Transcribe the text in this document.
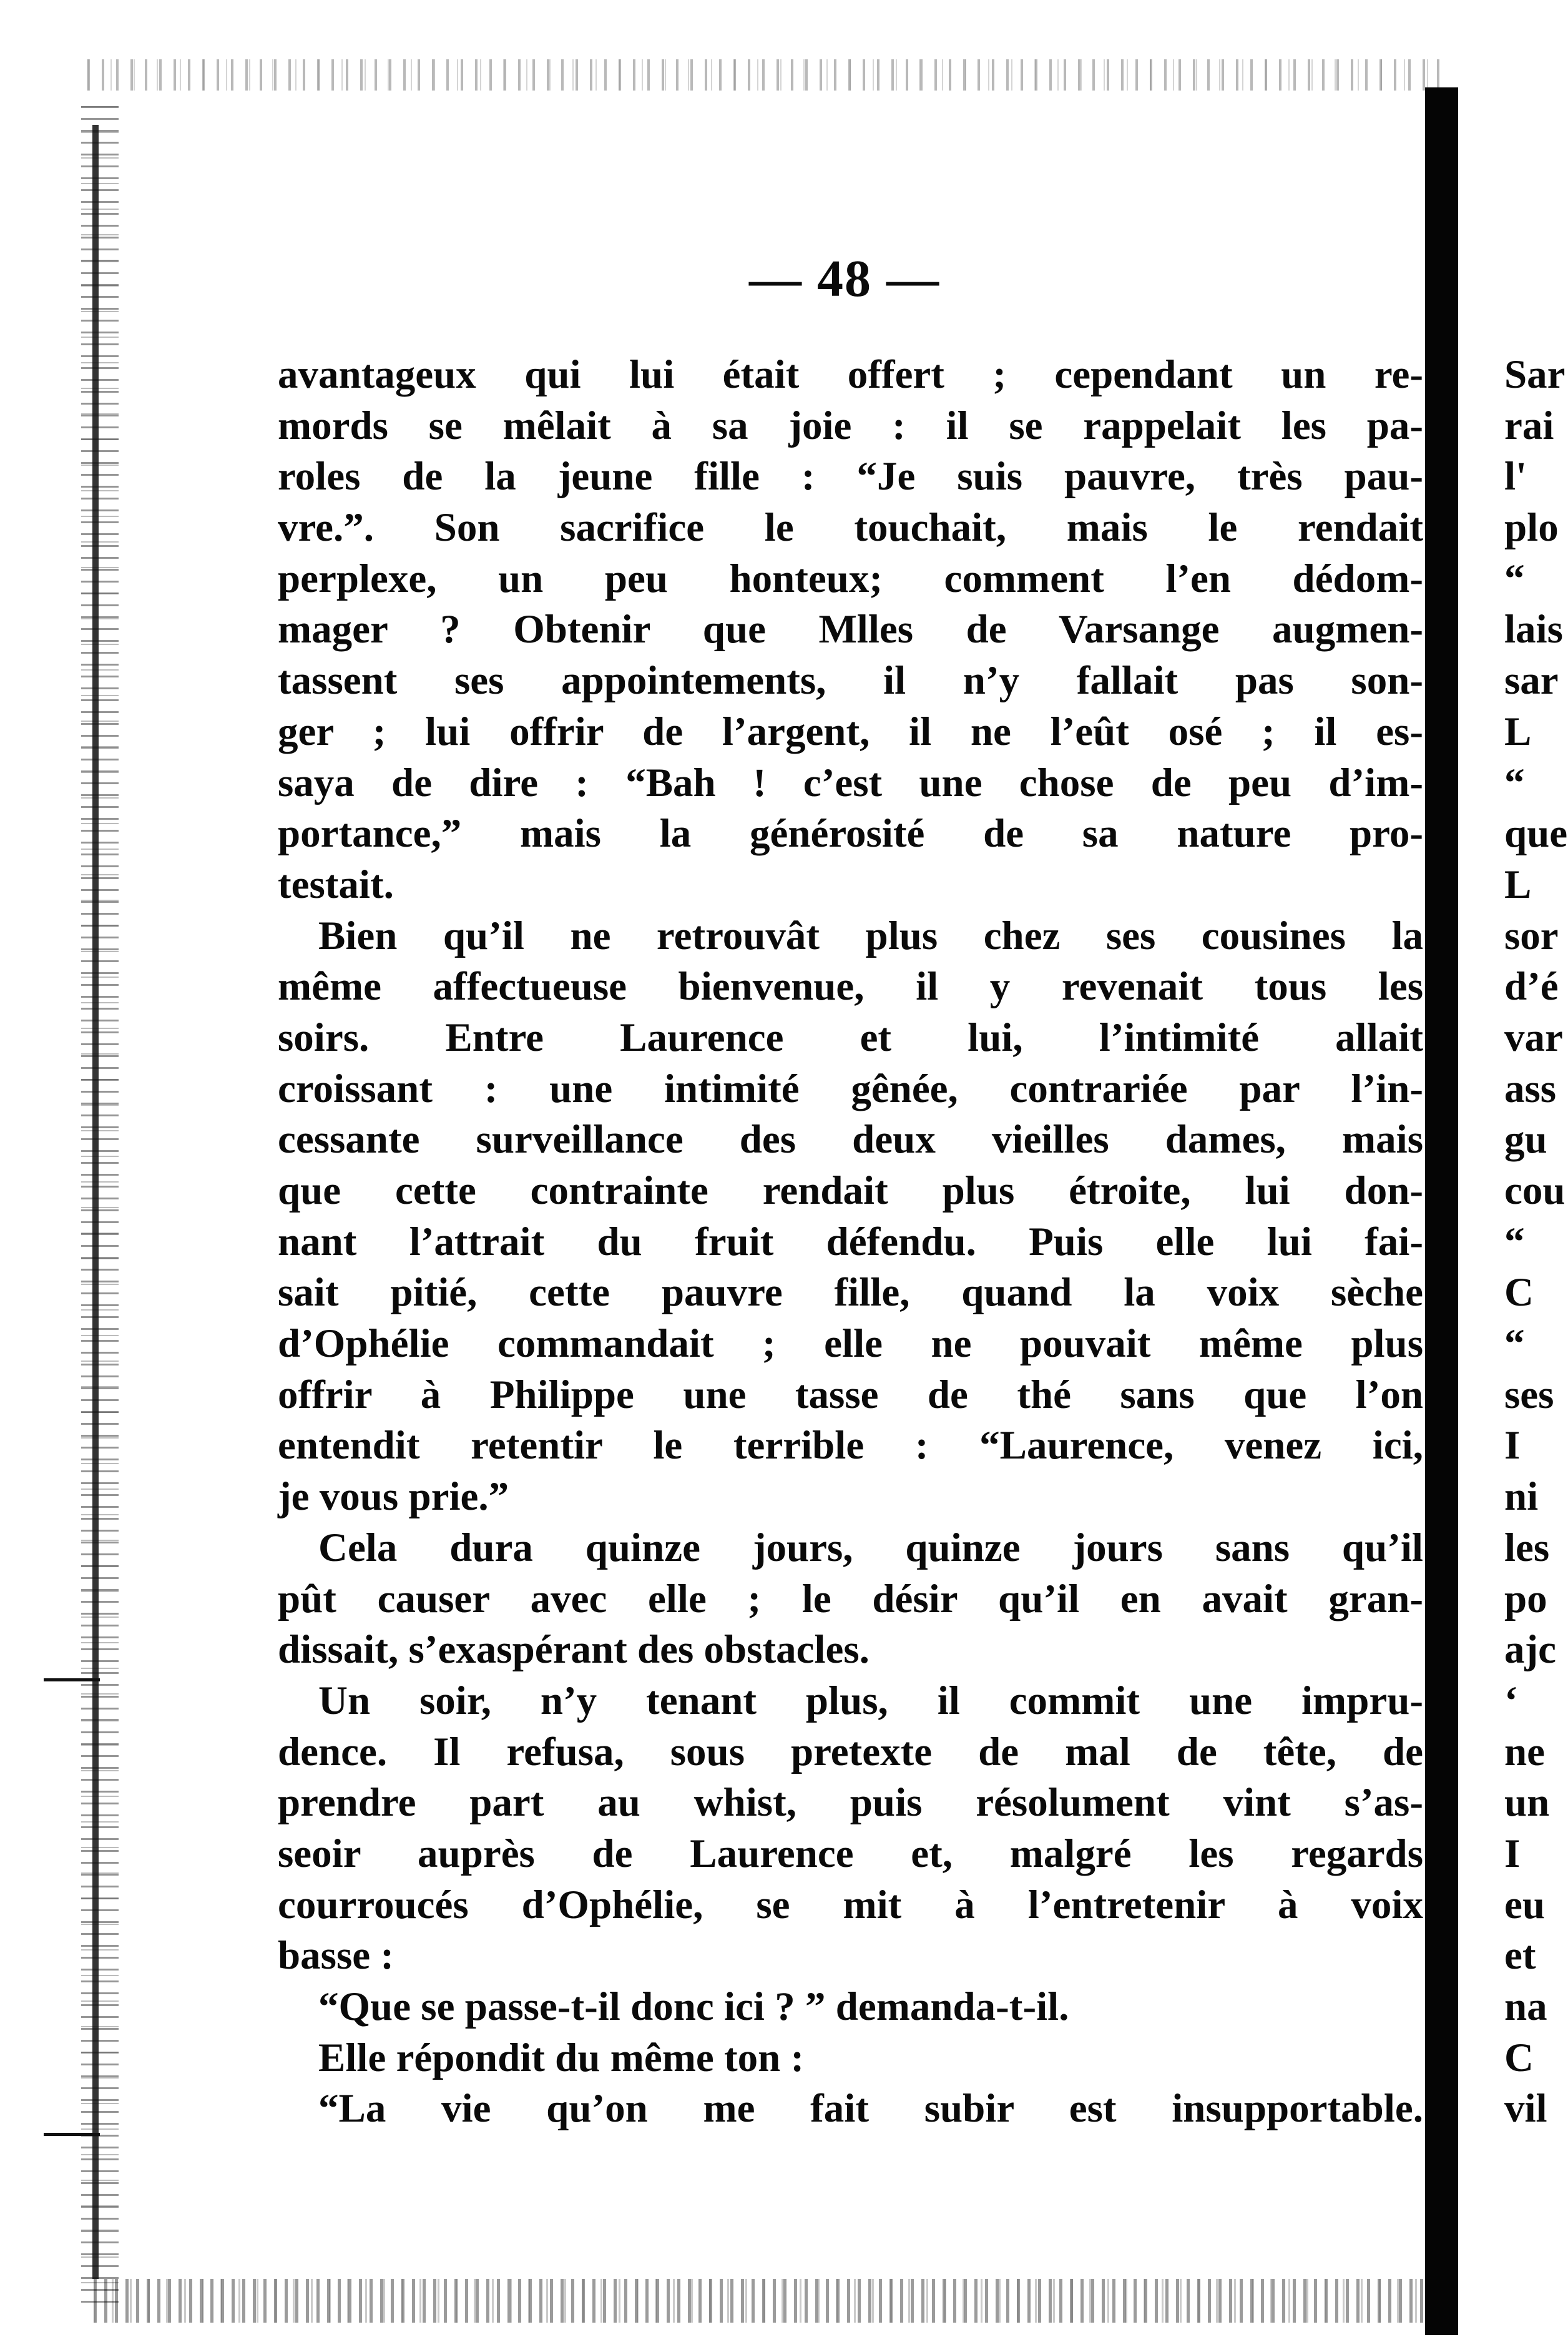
— 48 —
avantageux qui lui était offert ; cependant un re-
mords se mêlait à sa joie : il se rappelait les pa-
roles de la jeune fille : “Je suis pauvre, très pau-
vre.”. Son sacrifice le touchait, mais le rendait
perplexe, un peu honteux; comment l’en dédom-
mager ? Obtenir que Mlles de Varsange augmen-
tassent ses appointements, il n’y fallait pas son-
ger ; lui offrir de l’argent, il ne l’eût osé ; il es-
saya de dire : “Bah ! c’est une chose de peu d’im-
portance,” mais la générosité de sa nature pro-
testait.
Bien qu’il ne retrouvât plus chez ses cousines la
même affectueuse bienvenue, il y revenait tous les
soirs. Entre Laurence et lui, l’intimité allait
croissant : une intimité gênée, contrariée par l’in-
cessante surveillance des deux vieilles dames, mais
que cette contrainte rendait plus étroite, lui don-
nant l’attrait du fruit défendu. Puis elle lui fai-
sait pitié, cette pauvre fille, quand la voix sèche
d’Ophélie commandait ; elle ne pouvait même plus
offrir à Philippe une tasse de thé sans que l’on
entendit retentir le terrible : “Laurence, venez ici,
je vous prie.”
Cela dura quinze jours, quinze jours sans qu’il
pût causer avec elle ; le désir qu’il en avait gran-
dissait, s’exaspérant des obstacles.
Un soir, n’y tenant plus, il commit une impru-
dence. Il refusa, sous pretexte de mal de tête, de
prendre part au whist, puis résolument vint s’as-
seoir auprès de Laurence et, malgré les regards
courroucés d’Ophélie, se mit à l’entretenir à voix
basse :
“Que se passe-t-il donc ici ? ” demanda-t-il.
Elle répondit du même ton :
“La vie qu’on me fait subir est insupportable.
Sar
rai
l'
plo
“
lais
sar
L
“
que
L
sor
d’é
var
ass
gu
cou
“
C
“
ses
I
ni
les
po
ajc
‘
ne
un
I
eu
et
na
C
vil
